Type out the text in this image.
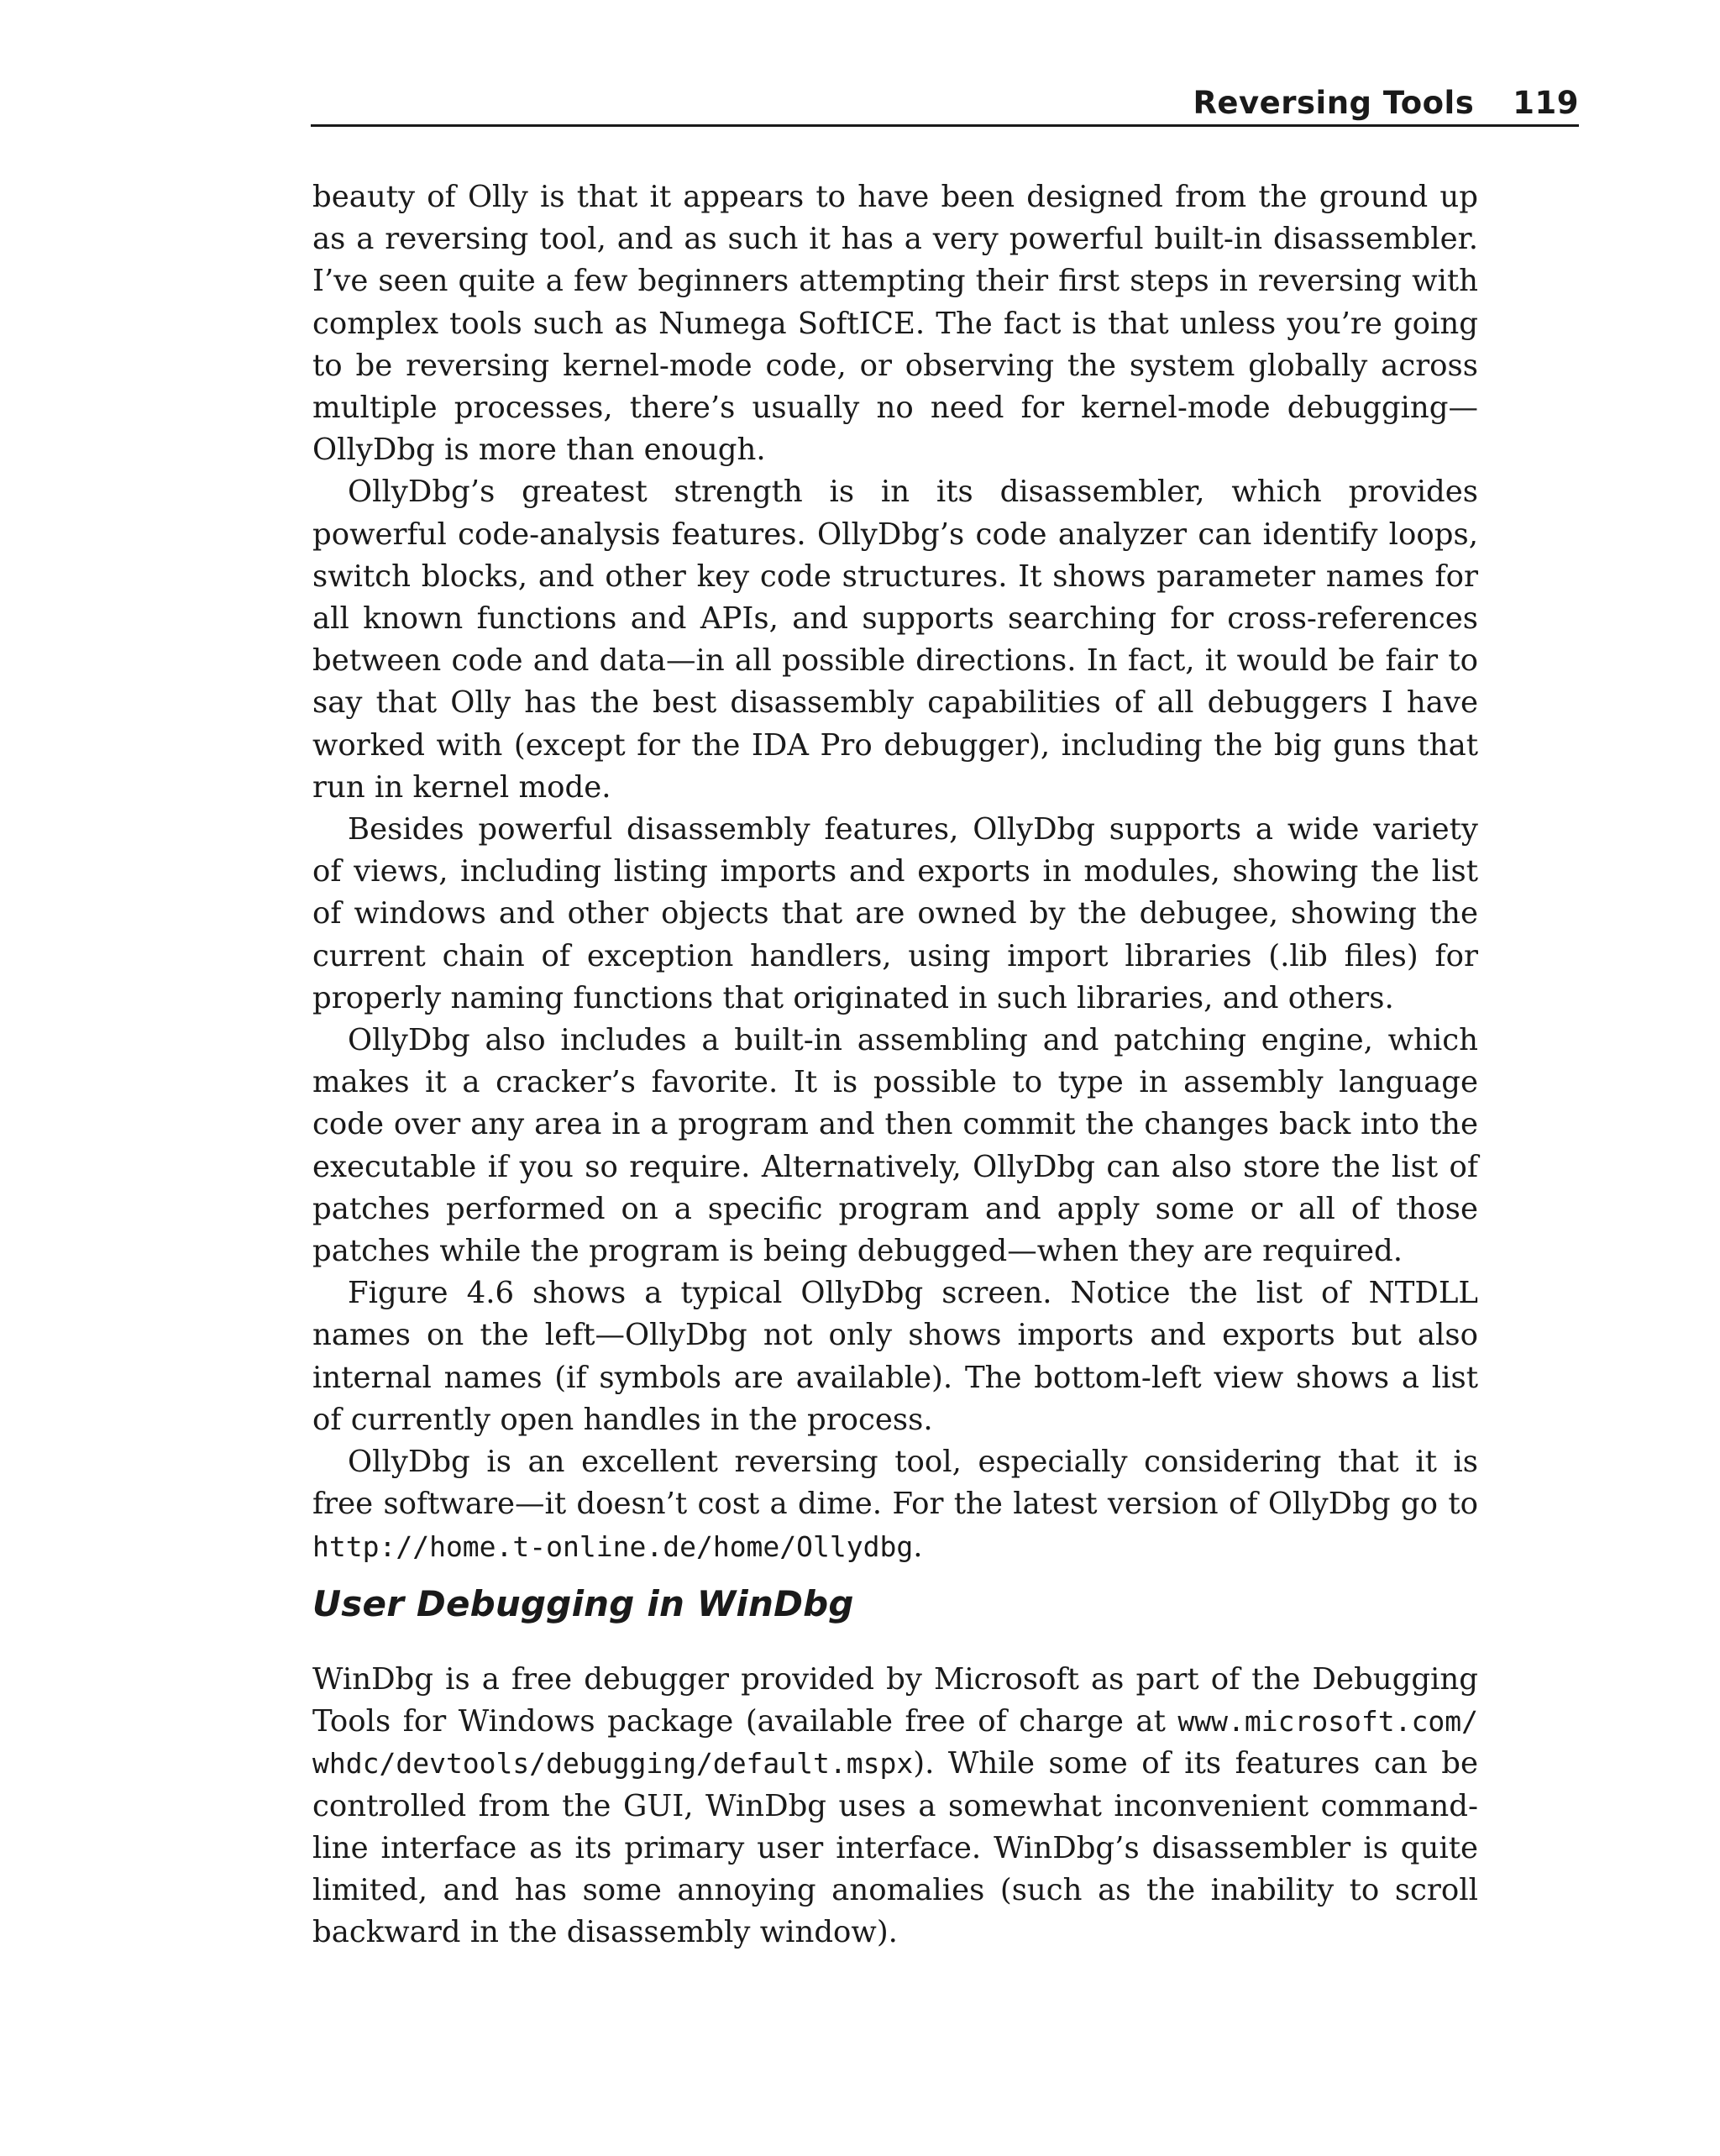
Reversing Tools 119

beauty of Olly is that it appears to have been designed from the ground up as a reversing tool, and as such it has a very powerful built-in disassembler. I’ve seen quite a few beginners attempting their first steps in reversing with complex tools such as Numega SoftICE. The fact is that unless you’re going to be reversing kernel-mode code, or observing the system globally across multiple processes, there’s usually no need for kernel-mode debugging—OllyDbg is more than enough.

OllyDbg’s greatest strength is in its disassembler, which provides powerful code-analysis features. OllyDbg’s code analyzer can identify loops, switch blocks, and other key code structures. It shows parameter names for all known functions and APIs, and supports searching for cross-references between code and data—in all possible directions. In fact, it would be fair to say that Olly has the best disassembly capabilities of all debuggers I have worked with (except for the IDA Pro debugger), including the big guns that run in kernel mode.

Besides powerful disassembly features, OllyDbg supports a wide variety of views, including listing imports and exports in modules, showing the list of windows and other objects that are owned by the debugee, showing the current chain of exception handlers, using import libraries (.lib files) for properly naming functions that originated in such libraries, and others.

OllyDbg also includes a built-in assembling and patching engine, which makes it a cracker’s favorite. It is possible to type in assembly language code over any area in a program and then commit the changes back into the executable if you so require. Alternatively, OllyDbg can also store the list of patches performed on a specific program and apply some or all of those patches while the program is being debugged—when they are required.

Figure 4.6 shows a typical OllyDbg screen. Notice the list of NTDLL names on the left—OllyDbg not only shows imports and exports but also internal names (if symbols are available). The bottom-left view shows a list of currently open handles in the process.

OllyDbg is an excellent reversing tool, especially considering that it is free software—it doesn’t cost a dime. For the latest version of OllyDbg go to http://home.t-online.de/home/Ollydbg.

User Debugging in WinDbg

WinDbg is a free debugger provided by Microsoft as part of the Debugging Tools for Windows package (available free of charge at www.microsoft.com/ whdc/devtools/debugging/default.mspx). While some of its features can be controlled from the GUI, WinDbg uses a somewhat inconvenient command-line interface as its primary user interface. WinDbg’s disassembler is quite limited, and has some annoying anomalies (such as the inability to scroll backward in the disassembly window).
